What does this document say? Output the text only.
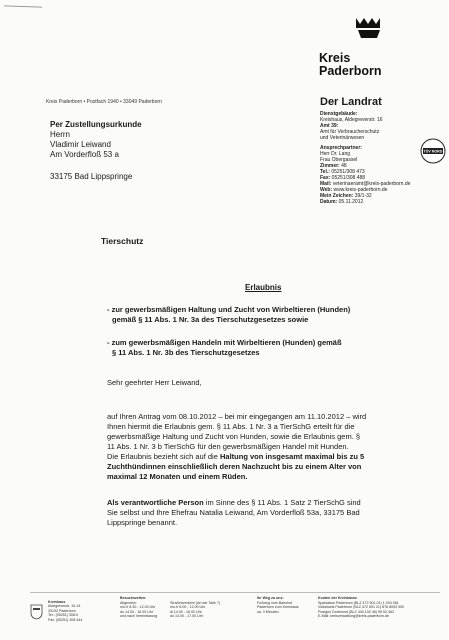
Kreis
Paderborn
Kreis Paderborn • Postfach 1940 • 33049 Paderborn
Per Zustellungsurkunde
Herrn
Vladimir Leiwand
Am Vorderfloß 53 a
33175 Bad Lippspringe
Der Landrat
Dienstgebäude:
Kreishaus, Aldegreverstr. 16
Amt 39:
Amt für Verbraucherschutz
und Veterinärwesen
Ansprechpartner:
Herr Dr. Lang
Frau Obergassel
Zimmer: 48
Tel.: 05251/308 473
Fax: 05251/308 488
Mail: veterinaeramt@kreis-paderborn.de
Web: www.kreis-paderborn.de
Mein Zeichen: 39/1-32
Datum: 05.11.2012
TÜV NORD
Tierschutz
Erlaubnis
- zur gewerbsmäßigen Haltung und Zucht von Wirbeltieren (Hunden)
gemäß § 11 Abs. 1 Nr. 3a des Tierschutzgesetzes sowie
- zum gewerbsmäßigen Handeln mit Wirbeltieren (Hunden) gemäß
§ 11 Abs. 1 Nr. 3b des Tierschutzgesetzes
Sehr geehrter Herr Leiwand,
auf Ihren Antrag vom 08.10.2012 – bei mir eingegangen am 11.10.2012 – wird
Ihnen hiermit die Erlaubnis gem. § 11 Abs. 1 Nr. 3 a TierSchG erteilt für die
gewerbsmäßige Haltung und Zucht von Hunden, sowie die Erlaubnis gem. §
11 Abs. 1 Nr. 3 b TierSchG für den gewerbsmäßigen Handel mit Hunden.
Die Erlaubnis bezieht sich auf die Haltung von insgesamt maximal bis zu 5
Zuchthündinnen einschließlich deren Nachzucht bis zu einem Alter von
maximal 12 Monaten und einem Rüden.
Als verantwortliche Person im Sinne des § 11 Abs. 1 Satz 2 TierSchG sind
Sie selbst und Ihre Ehefrau Natalia Leiwand, Am Vorderfloß 53a, 33175 Bad
Lippspringe benannt.
Kreishaus
Aldegreverstr. 10-14
33102 Paderborn
Tel.: (05251) 308-0
Fax: (05251) 308 444
Besuchszeiten:
Allgemein:
mo-fr 8.30 - 12.00 Uhr
do 14.00 - 16.00 Uhr
und nach Vereinbarung
Straßenverkehr (An der Talle 7)
mo-fr 8.00 - 12.00 Uhr
di 14.00 - 16.00 Uhr
do 14.00 - 17.00 Uhr
Ihr Weg zu uns:
Fußweg vom Bahnhof
Paderborn zum Kreishaus
ca. 3 Minuten
Konten der Kreiskasse
Sparkasse Paderborn (BLZ 472 501 01) 1 034 081
Volksbank Paderborn (BLZ 472 601 21) 876 8000 000
Postgiro Dortmund (BLZ 440 100 46) 95 92-462
E-Mail: kreisverwaltung@kreis-paderborn.de
